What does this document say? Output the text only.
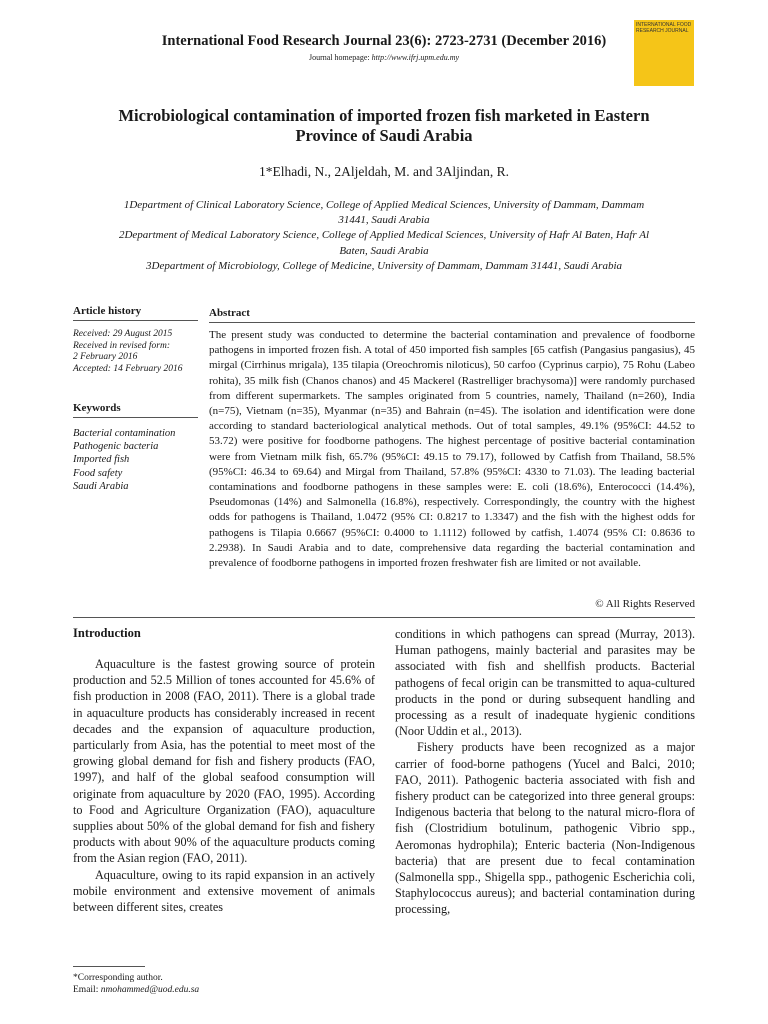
International Food Research Journal 23(6): 2723-2731 (December 2016)
Journal homepage: http://www.ifrj.upm.edu.my
INTERNATIONAL FOOD RESEARCH JOURNAL
Microbiological contamination of imported frozen fish marketed in Eastern
Province of Saudi Arabia
1*Elhadi, N., 2Aljeldah, M. and 3Aljindan, R.

1Department of Clinical Laboratory Science, College of Applied Medical Sciences, University of Dammam, Dammam 31441, Saudi Arabia

2Department of Medical Laboratory Science, College of Applied Medical Sciences, University of Hafr Al Baten, Hafr Al Baten, Saudi Arabia

3Department of Microbiology, College of Medicine, University of Dammam, Dammam 31441, Saudi Arabia

Article history
Received: 29 August 2015
Received in revised form:
2 February 2016
Accepted: 14 February 2016
Keywords
Bacterial contamination
Pathogenic bacteria
Imported fish
Food safety
Saudi Arabia
Abstract
The present study was conducted to determine the bacterial contamination and prevalence of foodborne pathogens in imported frozen fish. A total of 450 imported fish samples [65 catfish (Pangasius pangasius), 45 mirgal (Cirrhinus mrigala), 135 tilapia (Oreochromis niloticus), 50 carfoo (Cyprinus carpio), 75 Rohu (Labeo rohita), 35 milk fish (Chanos chanos) and 45 Mackerel (Rastrelliger brachysoma)] were randomly purchased from different supermarkets. The samples originated from 5 countries, namely, Thailand (n=260), India (n=75), Vietnam (n=35), Myanmar (n=35) and Bahrain (n=45). The isolation and identification were done according to standard bacteriological analytical methods. Out of total samples, 49.1% (95%CI: 44.52 to 53.72) were positive for foodborne pathogens. The highest percentage of positive bacterial contamination were from Vietnam milk fish, 65.7% (95%CI: 49.15 to 79.17), followed by Catfish from Thailand, 58.5% (95%CI: 46.34 to 69.64) and Mirgal from Thailand, 57.8% (95%CI: 4330 to 71.03). The leading bacterial contaminations and foodborne pathogens in these samples were: E. coli (18.6%), Enterococci (14.4%), Pseudomonas (14%) and Salmonella (16.8%), respectively. Correspondingly, the country with the highest odds for pathogens is Thailand, 1.0472 (95% CI: 0.8217 to 1.3347) and the fish with the highest odds for pathogens is Tilapia 0.6667 (95%CI: 0.4000 to 1.1112) followed by catfish, 1.4074 (95% CI: 0.8636 to 2.2938). In Saudi Arabia and to date, comprehensive data regarding the bacterial contamination and prevalence of foodborne pathogens in imported frozen freshwater fish are limited or not available.
© All Rights Reserved
Introduction

Aquaculture is the fastest growing source of protein production and 52.5 Million of tones accounted for 45.6% of fish production in 2008 (FAO, 2011). There is a global trade in aquaculture products has considerably increased in recent decades and the expansion of aquaculture production, particularly from Asia, has the potential to meet most of the growing global demand for fish and fishery products (FAO, 1997), and half of the global seafood consumption will originate from aquaculture by 2020 (FAO, 1995). According to Food and Agriculture Organization (FAO), aquaculture supplies about 50% of the global demand for fish and fishery products with about 90% of the aquaculture products coming from the Asian region (FAO, 2011).

Aquaculture, owing to its rapid expansion in an actively mobile environment and extensive movement of animals between different sites, creates

conditions in which pathogens can spread (Murray, 2013). Human pathogens, mainly bacterial and parasites may be associated with fish and shellfish products. Bacterial pathogens of fecal origin can be transmitted to aqua-cultured products in the pond or during subsequent handling and processing as a result of inadequate hygienic conditions (Noor Uddin et al., 2013).

Fishery products have been recognized as a major carrier of food-borne pathogens (Yucel and Balci, 2010; FAO, 2011). Pathogenic bacteria associated with fish and fishery product can be categorized into three general groups: Indigenous bacteria that belong to the natural micro-flora of fish (Clostridium botulinum, pathogenic Vibrio spp., Aeromonas hydrophila); Enteric bacteria (Non-Indigenous bacteria) that are present due to fecal contamination (Salmonella spp., Shigella spp., pathogenic Escherichia coli, Staphylococcus aureus); and bacterial contamination during processing,

*Corresponding author.
Email: nmohammed@uod.edu.sa
